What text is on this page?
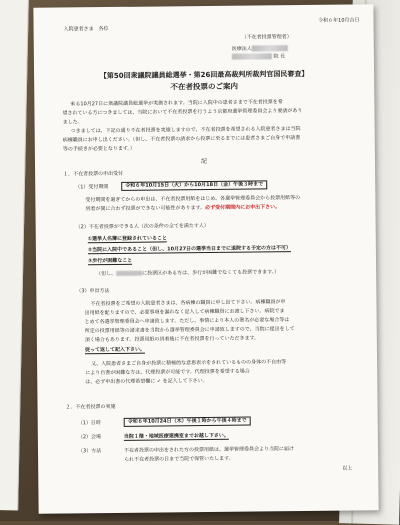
令和６年10月吉日
入院患者さま　各位
（不在者投票管理者）
医療法人
院 長
【第50回衆議院議員総選挙・第26回最高裁判所裁判官国民審査】
不在者投票のご案内
来る10月27日に衆議院議員総選挙が実施されます。当院に入院中の患者さまで不在者投票を希
望されている方につきましては、当院において不在者投票を行うよう京都府選挙管理委員会より要請があり
ました。
つきましては、下記の通り不在者投票を実施しますので、不在者投票を希望される入院患者さまは当院
病棟職員にお申し出ください。（但し、不在者投票の請求から投票に至るまでには患者さまご自身で申請書
等の手続きが必要となります。）
記
１．不在者投票の申出受付
（1）受付期間	令和６年10月15日（火）から10月18日（金）午後３時まで
受付期間を過ぎてからの申出は、不在者投票用紙をはじめ、各選挙管理委員会から投票用紙等の
到着が間に合わず投票ができない可能性があります。必ず受付期間内にお申出下さい。
（2）不在者投票ができる人（次の条件の全てを満たす人）
①選挙人名簿に登録されていること
②当院に入院中であること（但し、10月27日の選挙当日までに退院する予定の方は不可）
③歩行が困難なこと
（但し、	に投票区がある方は、歩行が困難でなくても投票できます。）
（3）申出方法
不在者投票をご希望の入院患者さまは、各病棟の職員に申し出て下さい。病棟職員が申
出用紙を配りますので、必要事項を漏れなく記入して病棟職員にお渡し下さい。病院でま
とめて各選挙管理委員会へ申請致します。ただし、事情により本人の署名が必要な場合等は
所定の投票用紙等の請求書を当院から選挙管理委員会に申請致しますので、当院に提出をして
頂く場合もあります。投票用紙の到着後に不在者投票を行っていただきます。
従って返して記入下さい。
又、入院患者さまご自身が投票に積極的な意思表示をされているものの身体の不自由等
により自書が困難な方は、代理投票が可能です。代理投票を希望する場合
は、必ず申出書の代理希望欄に ✓ を記入して下さい。
２．不在者投票の実施
（1）日時	令和６年10月24日（木）午後１時から午後４時まで
（2）会場	当院１階・地域医療連携室までお越し下さい。
（3）方法	不在者投票の申出をされた方の投票用紙は、選挙管理委員会より当院に届け
られ不在者投票の日まで当院で保管いたします。
以上
